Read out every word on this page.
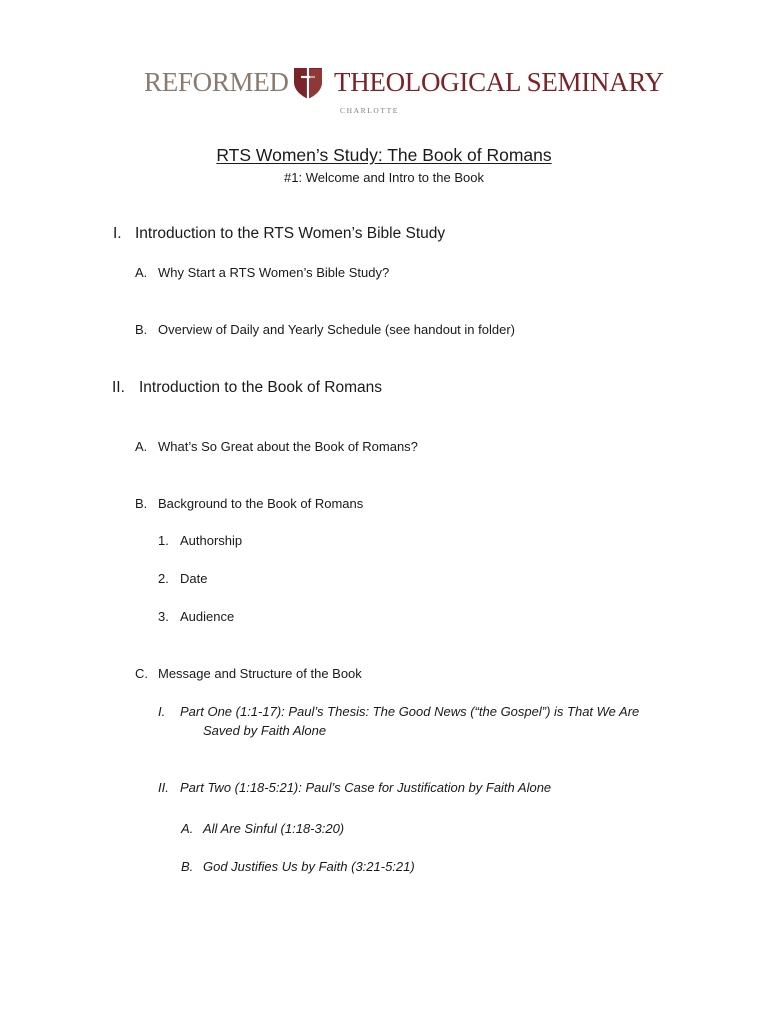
REFORMED THEOLOGICAL SEMINARY
CHARLOTTE
RTS Women’s Study: The Book of Romans
#1: Welcome and Intro to the Book
I. Introduction to the RTS Women’s Bible Study
A. Why Start a RTS Women’s Bible Study?
B. Overview of Daily and Yearly Schedule (see handout in folder)
II. Introduction to the Book of Romans
A. What’s So Great about the Book of Romans?
B. Background to the Book of Romans
1. Authorship
2. Date
3. Audience
C. Message and Structure of the Book
I. Part One (1:1-17): Paul’s Thesis: The Good News (“the Gospel”) is That We Are
Saved by Faith Alone
II. Part Two (1:18-5:21): Paul’s Case for Justification by Faith Alone
A. All Are Sinful (1:18-3:20)
B. God Justifies Us by Faith (3:21-5:21)
